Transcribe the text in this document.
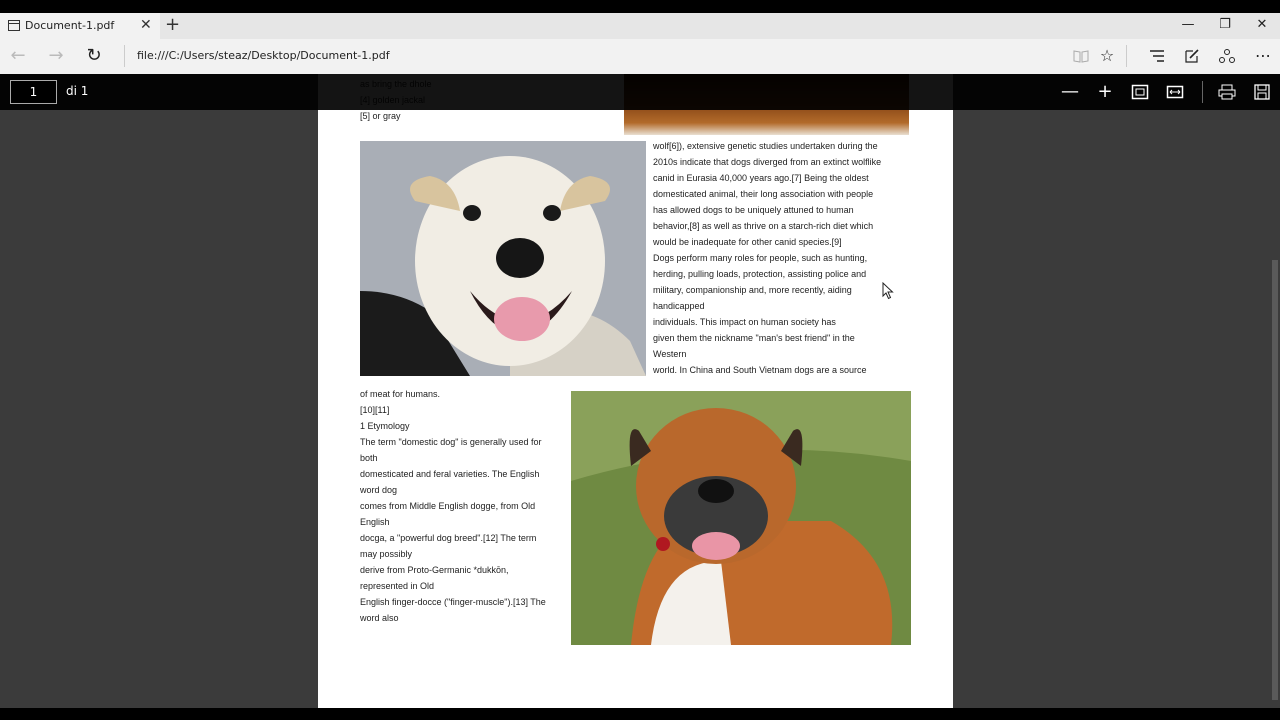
Document-1.pdf ✕ +	—	❐	✕
← → ↻	file:///C:/Users/steaz/Desktop/Document-1.pdf	☆	⋯
[5] or gray
wolf[6]), extensive genetic studies undertaken during the
2010s indicate that dogs diverged from an extinct wolflike
canid in Eurasia 40,000 years ago.[7] Being the oldest
domesticated animal, their long association with people
has allowed dogs to be uniquely attuned to human
behavior,[8] as well as thrive on a starch-rich diet which
would be inadequate for other canid species.[9]
Dogs perform many roles for people, such as hunting,
herding, pulling loads, protection, assisting police and
military, companionship and, more recently, aiding
handicapped
individuals. This impact on human society has
given them the nickname "man's best friend" in the
Western
world. In China and South Vietnam dogs are a source
of meat for humans.
[10][11]
1 Etymology
The term "domestic dog" is generally used for
both
domesticated and feral varieties. The English
word dog
comes from Middle English dogge, from Old
English
docga, a "powerful dog breed".[12] The term
may possibly
derive from Proto-Germanic *dukkōn,
represented in Old
English finger-docce ("finger-muscle").[13] The
word also
1
di 1	— +
